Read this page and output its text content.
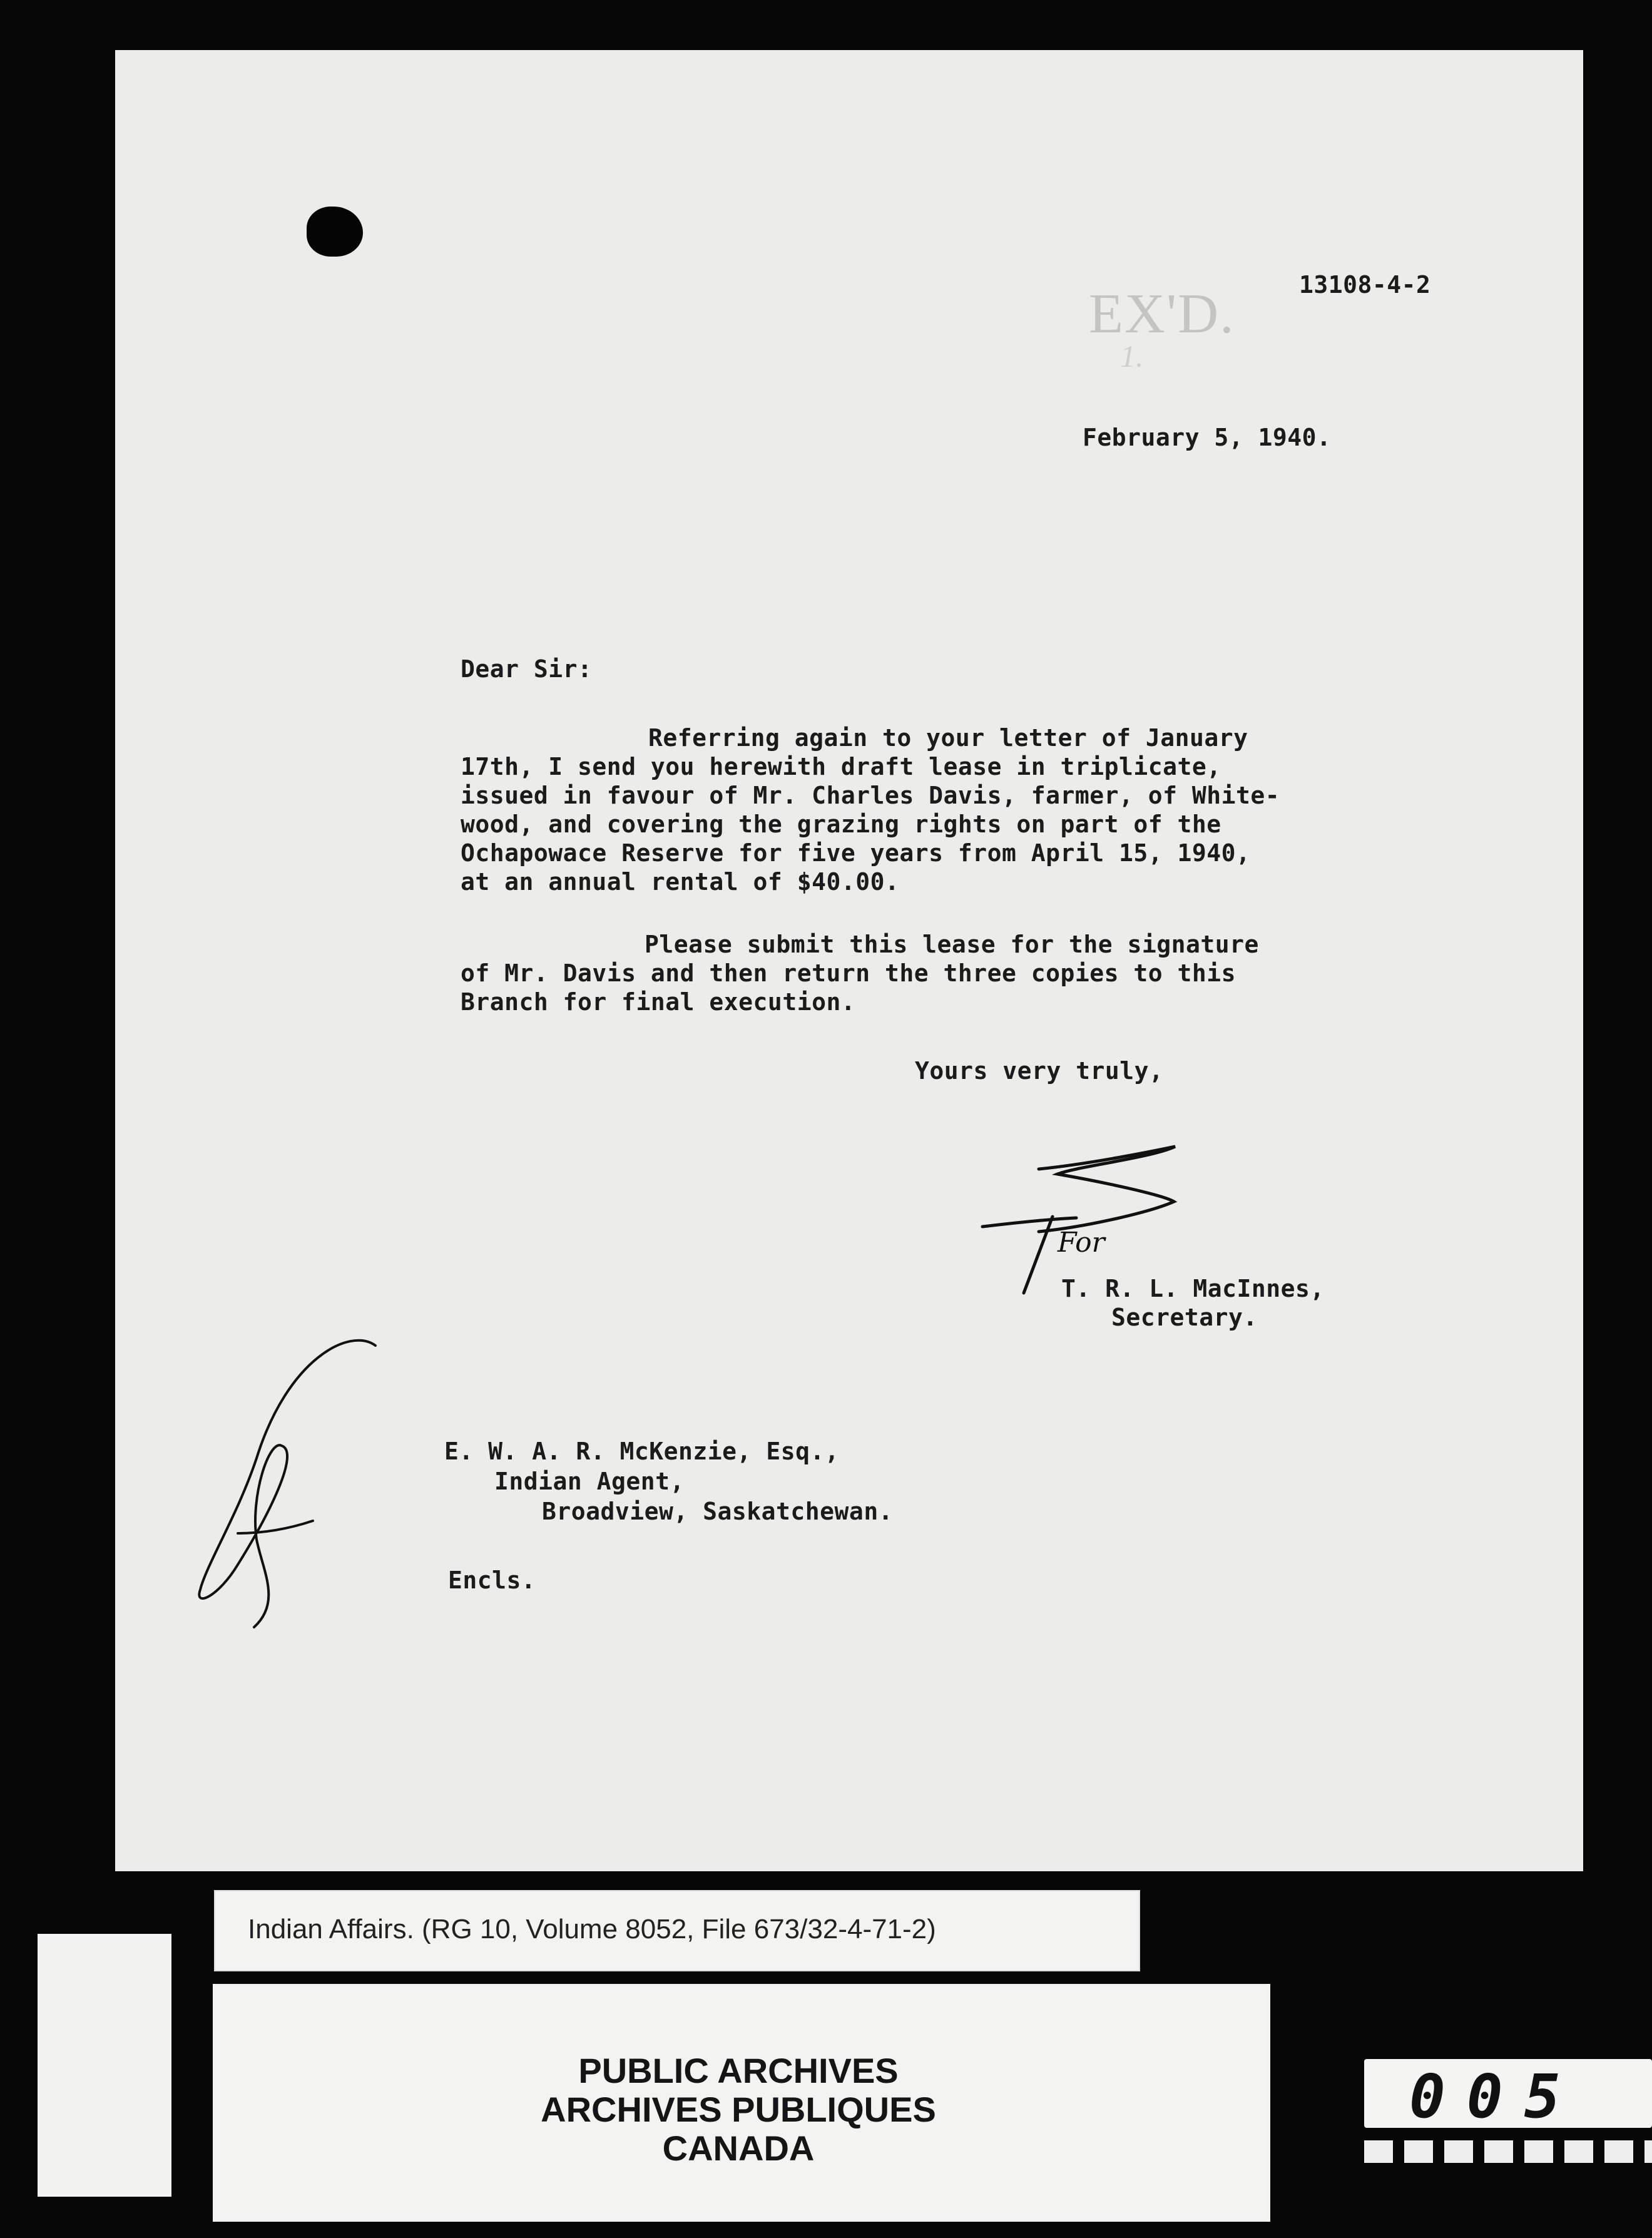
EX'D.
1.
13108-4-2
February 5, 1940.
Dear Sir:
Referring again to your letter of January
17th, I send you herewith draft lease in triplicate,
issued in favour of Mr. Charles Davis, farmer, of White-
wood, and covering the grazing rights on part of the
Ochapowace Reserve for five years from April 15, 1940,
at an annual rental of $40.00.
Please submit this lease for the signature
of Mr. Davis and then return the three copies to this
Branch for final execution.
Yours very truly,
For
T. R. L. MacInnes,
Secretary.
E. W. A. R. McKenzie, Esq.,
Indian Agent,
Broadview, Saskatchewan.
Encls.
Indian Affairs. (RG 10, Volume 8052, File 673/32-4-71-2)
PUBLIC ARCHIVES
ARCHIVES PUBLIQUES
CANADA
005
